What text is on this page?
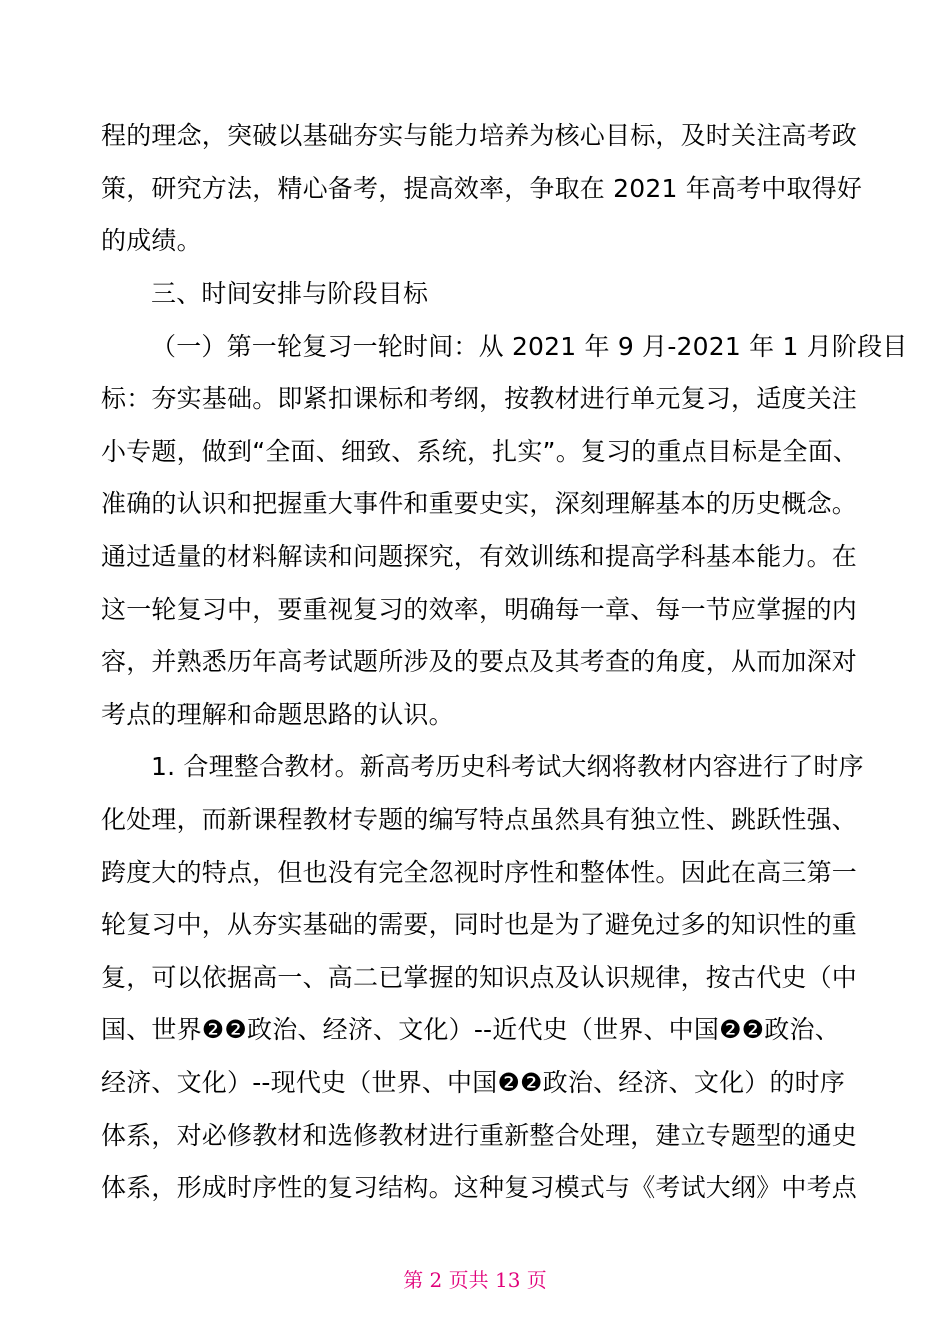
程的理念，突破以基础夯实与能力培养为核心目标，及时关注高考政
策，研究方法，精心备考，提高效率，争取在 2021 年高考中取得好
的成绩。
三、时间安排与阶段目标
（一）第一轮复习一轮时间：从 2021 年 9 月-2021 年 1 月阶段目
标：夯实基础。即紧扣课标和考纲，按教材进行单元复习，适度关注
小专题，做到“全面、细致、系统，扎实”。复习的重点目标是全面、
准确的认识和把握重大事件和重要史实，深刻理解基本的历史概念。
通过适量的材料解读和问题探究，有效训练和提高学科基本能力。在
这一轮复习中，要重视复习的效率，明确每一章、每一节应掌握的内
容，并熟悉历年高考试题所涉及的要点及其考查的角度，从而加深对
考点的理解和命题思路的认识。
1. 合理整合教材。新高考历史科考试大纲将教材内容进行了时序
化处理，而新课程教材专题的编写特点虽然具有独立性、跳跃性强、
跨度大的特点，但也没有完全忽视时序性和整体性。因此在高三第一
轮复习中，从夯实基础的需要，同时也是为了避免过多的知识性的重
复，可以依据高一、高二已掌握的知识点及认识规律，按古代史（中
国、世界❷❷政治、经济、文化）--近代史（世界、中国❷❷政治、
经济、文化）--现代史（世界、中国❷❷政治、经济、文化）的时序
体系，对必修教材和选修教材进行重新整合处理，建立专题型的通史
体系，形成时序性的复习结构。这种复习模式与《考试大纲》中考点
第 2 页共 13 页
